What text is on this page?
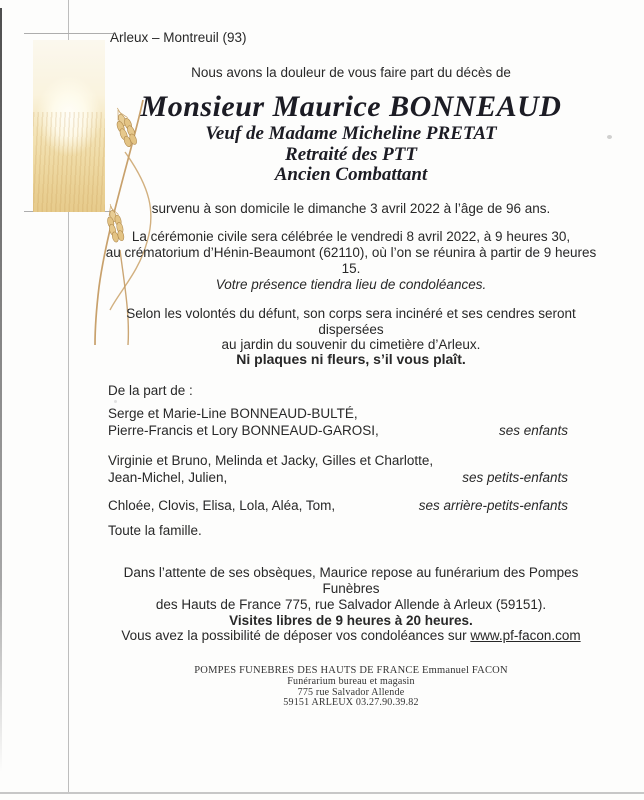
Arleux – Montreuil (93)
Nous avons la douleur de vous faire part du décès de
Monsieur Maurice BONNEAUD
Veuf de Madame Micheline PRETAT
Retraité des PTT
Ancien Combattant
survenu à son domicile le dimanche 3 avril 2022 à l’âge de 96 ans.
La cérémonie civile sera célébrée le vendredi 8 avril 2022, à 9 heures 30,
au crématorium d’Hénin-Beaumont (62110), où l’on se réunira à partir de 9 heures 15.
Votre présence tiendra lieu de condoléances.
Selon les volontés du défunt, son corps sera incinéré et ses cendres seront dispersées
au jardin du souvenir du cimetière d’Arleux.
Ni plaques ni fleurs, s’il vous plaît.
De la part de :
Serge et Marie-Line BONNEAUD-BULTÉ,
Pierre-Francis et Lory BONNEAUD-GAROSI,	ses enfants
Virginie et Bruno, Melinda et Jacky, Gilles et Charlotte,
Jean-Michel, Julien,	ses petits-enfants
Chloée, Clovis, Elisa, Lola, Aléa, Tom,	ses arrière-petits-enfants
Toute la famille.
Dans l’attente de ses obsèques, Maurice repose au funérarium des Pompes Funèbres
des Hauts de France 775, rue Salvador Allende à Arleux (59151).
Visites libres de 9 heures à 20 heures.
Vous avez la possibilité de déposer vos condoléances sur www.pf-facon.com
POMPES FUNEBRES DES HAUTS DE FRANCE Emmanuel FACON
Funérarium bureau et magasin
775 rue Salvador Allende
59151 ARLEUX 03.27.90.39.82
